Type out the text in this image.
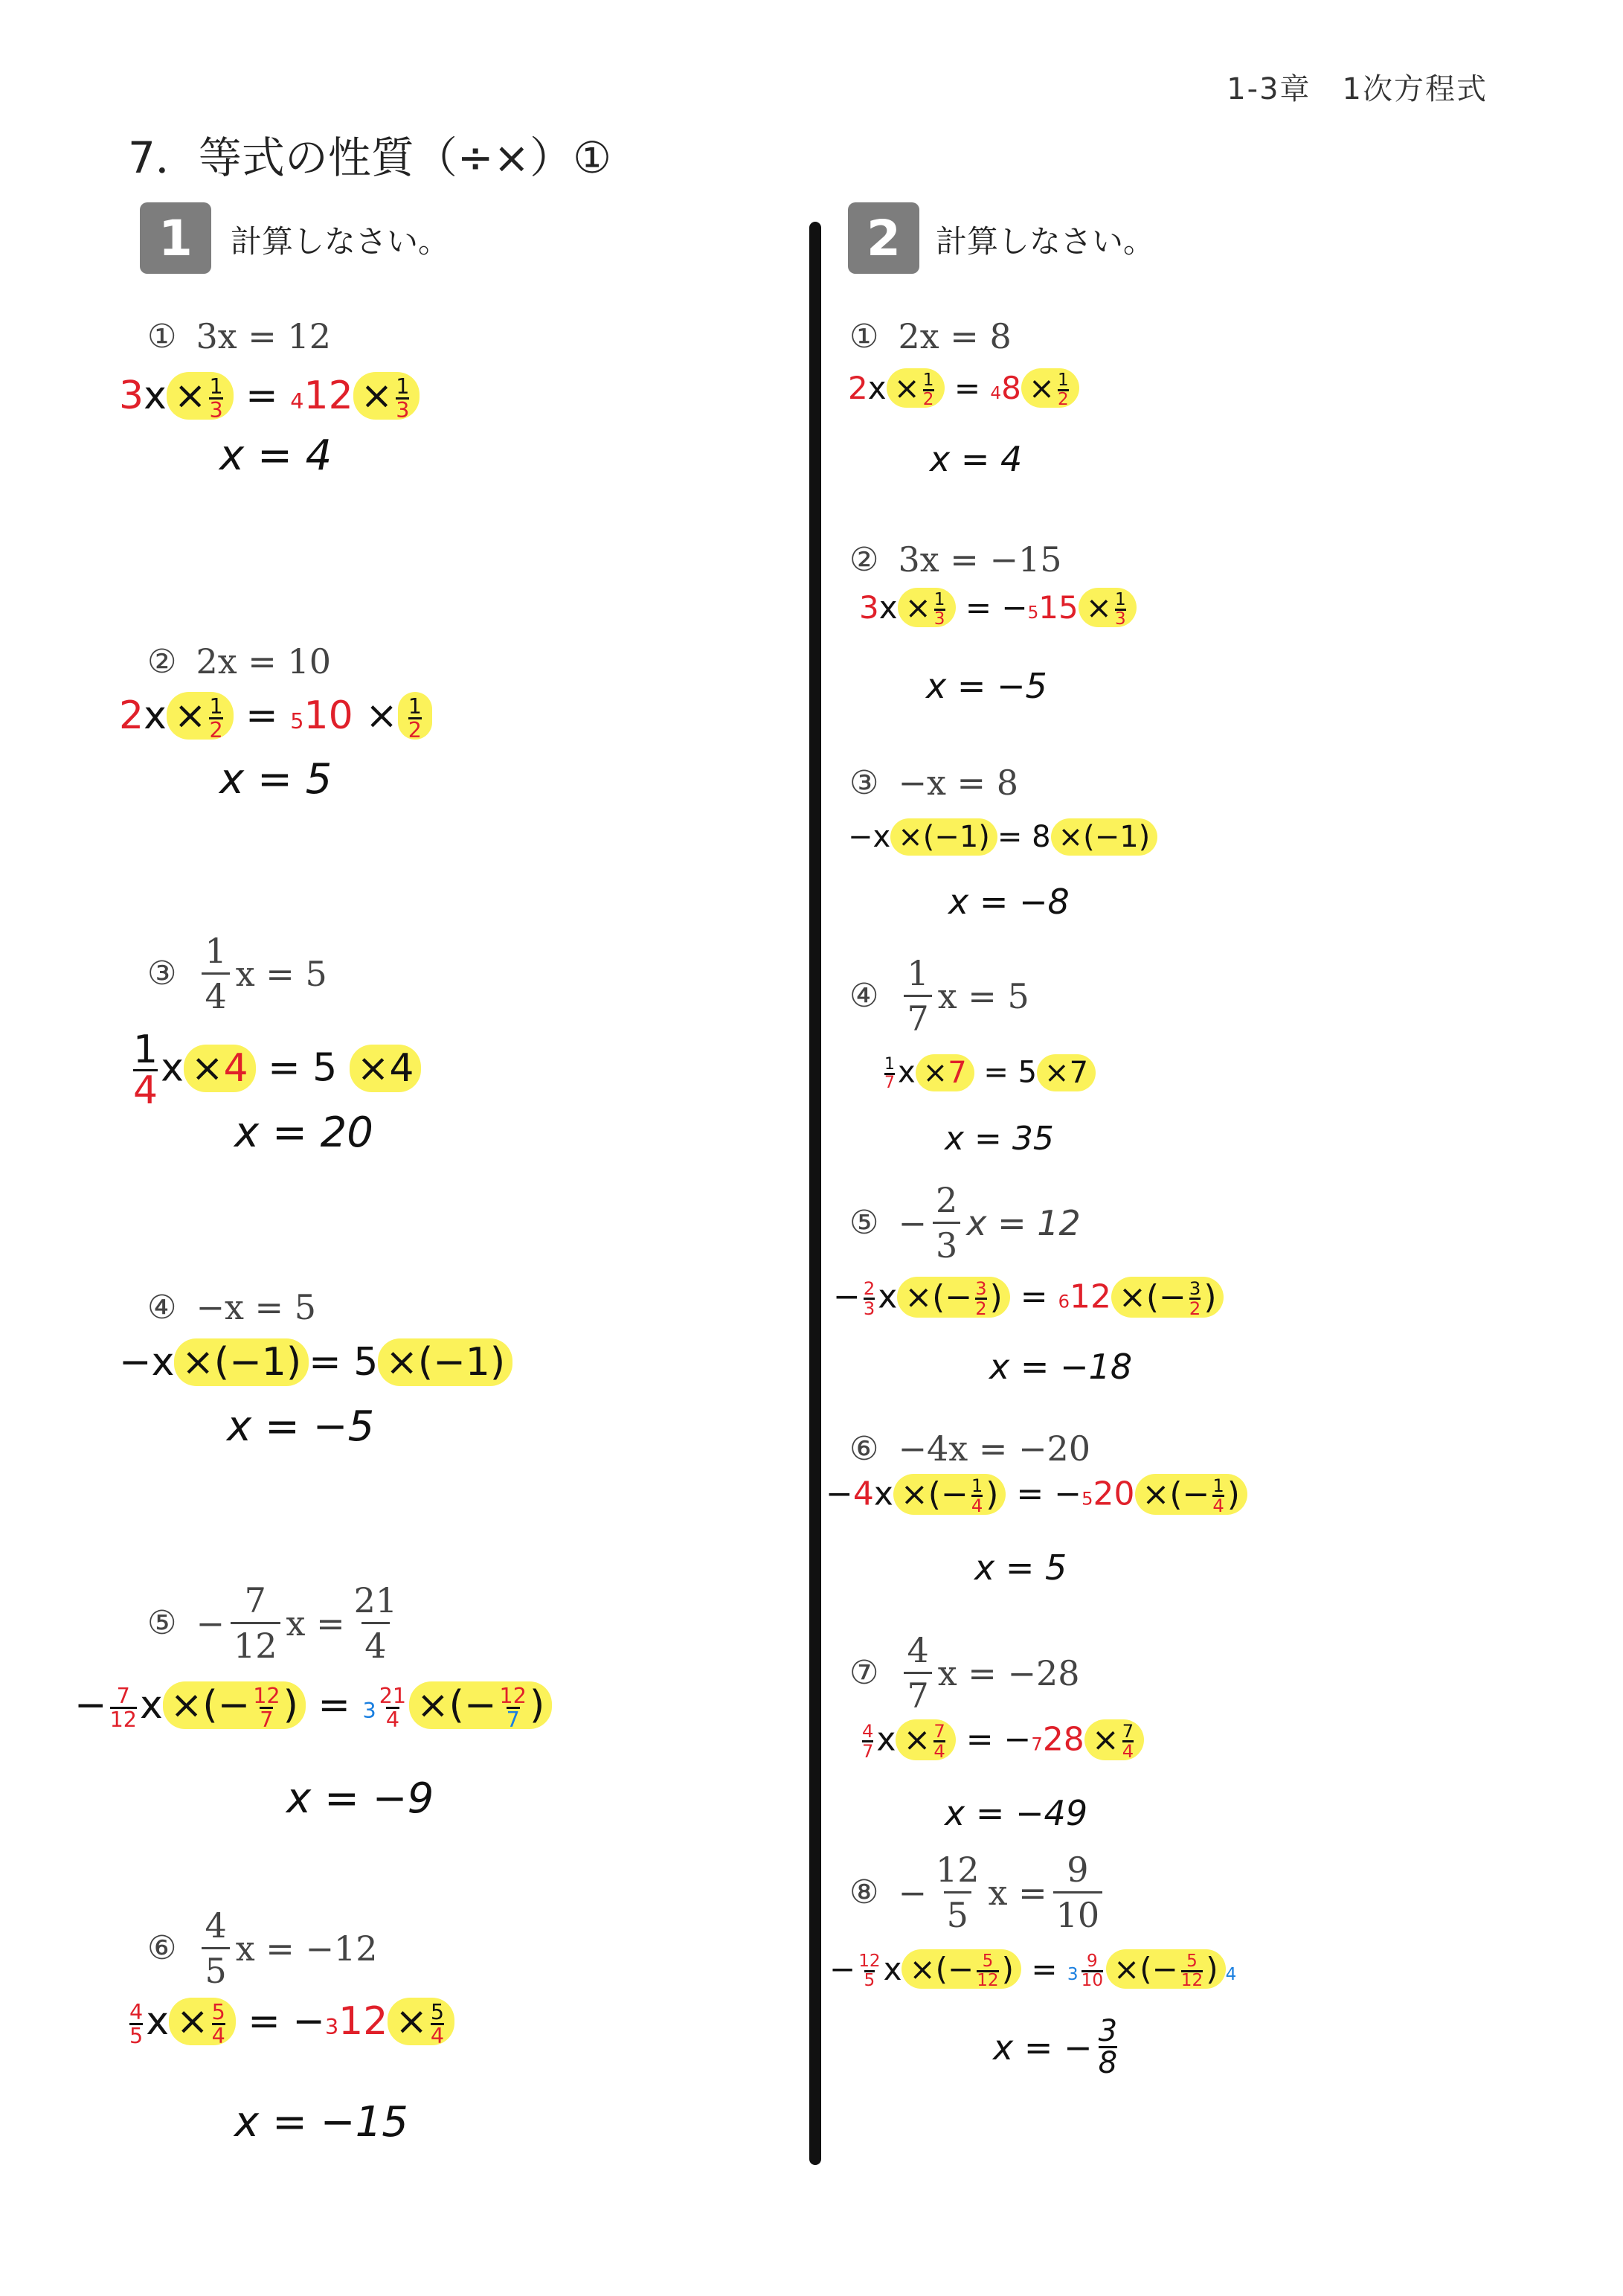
1-3章　1次方程式
7．等式の性質（÷×）①
1	計算しなさい。	2	計算しなさい。
① 3x = 12
$3x \times \frac{1}{3} = 412 \times \frac{1}{3}$
x = 4
② 2x = 10
$2x \times \frac{1}{2} = 510 \times \frac{1}{2}$
x = 5
③ $\frac{1}{4}$ x = 5
$\frac{1}{4}$ x ×4 = 5 ×4
x = 20
④ −x = 5
−x ×(−1) = 5 ×(−1)
x = −5
⑤ − $\frac{7}{12}$ $x = \frac{21}{4}$
− $\frac{7}{12}$ x ×(− $\frac{12}{7}$ ) = $3 \frac{21}{4}$ ×(− $\frac{12}{7}$ )
x = −9
⑥ $\frac{4}{5}$ x = −12
$\frac{4}{5}$ $x \times \frac{5}{4} = -312 \times \frac{5}{4}$
x = −15
① 2x = 8
$2x \times \frac{1}{2} = 48 \times \frac{1}{2}$
x = 4
② 3x = −15
$3x \times \frac{1}{3} = -515 \times \frac{1}{3}$
x = −5
③ −x = 8
−x ×(−1) = 8 ×(−1)
x = −8
④ $\frac{1}{7}$ x = 5
$\frac{1}{7}$ x ×7 = 5 ×7
x = 35
⑤ − $\frac{2}{3}$ x = 12
− $\frac{2}{3}$ x ×(− $\frac{3}{2}$ ) = 612 ×(− $\frac{3}{2}$ )
x = −18
⑥ −4x = −20
−4x ×(− $\frac{1}{4}$ ) = −520 ×(− $\frac{1}{4}$ )
x = 5
⑦ $\frac{4}{7}$ x = −28
$\frac{4}{7}$ $x \times \frac{7}{4} = -728 \times \frac{7}{4}$
x = −49
⑧ − $\frac{12}{5}$ $x = \frac{9}{10}$
− $\frac{12}{5}$ x ×(− $\frac{5}{12}$ ) = $3 \frac{9}{10}$ ×(− $\frac{5}{12}$ ) 4
x = − $\frac{3}{8}$
